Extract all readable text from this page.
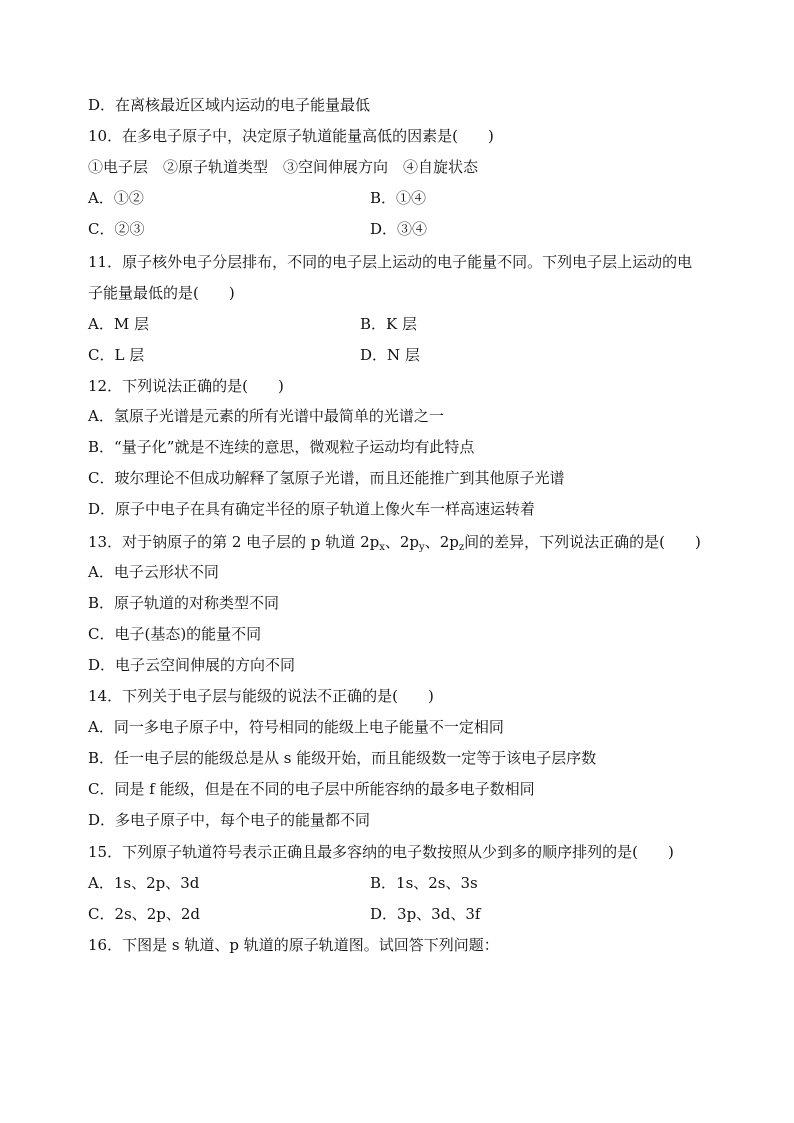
D．在离核最近区域内运动的电子能量最低
10．在多电子原子中，决定原子轨道能量高低的因素是(　　)
①电子层　②原子轨道类型　③空间伸展方向　④自旋状态
A．①②	B．①④
C．②③	D．③④
11．原子核外电子分层排布，不同的电子层上运动的电子能量不同。下列电子层上运动的电
子能量最低的是(　　)
A．M 层	B．K 层
C．L 层	D．N 层
12．下列说法正确的是(　　)
A．氢原子光谱是元素的所有光谱中最简单的光谱之一
B．“量子化”就是不连续的意思，微观粒子运动均有此特点
C．玻尔理论不但成功解释了氢原子光谱，而且还能推广到其他原子光谱
D．原子中电子在具有确定半径的原子轨道上像火车一样高速运转着
13．对于钠原子的第 2 电子层的 p 轨道 $2p_x$、$2p_y$、$2p_z$间的差异，下列说法正确的是(　　)
A．电子云形状不同
B．原子轨道的对称类型不同
C．电子(基态)的能量不同
D．电子云空间伸展的方向不同
14．下列关于电子层与能级的说法不正确的是(　　)
A．同一多电子原子中，符号相同的能级上电子能量不一定相同
B．任一电子层的能级总是从 s 能级开始，而且能级数一定等于该电子层序数
C．同是 f 能级，但是在不同的电子层中所能容纳的最多电子数相同
D．多电子原子中，每个电子的能量都不同
15．下列原子轨道符号表示正确且最多容纳的电子数按照从少到多的顺序排列的是(　　)
A．1s、2p、3d	B．1s、2s、3s
C．2s、2p、2d	D．3p、3d、3f
16．下图是 s 轨道、p 轨道的原子轨道图。试回答下列问题：
